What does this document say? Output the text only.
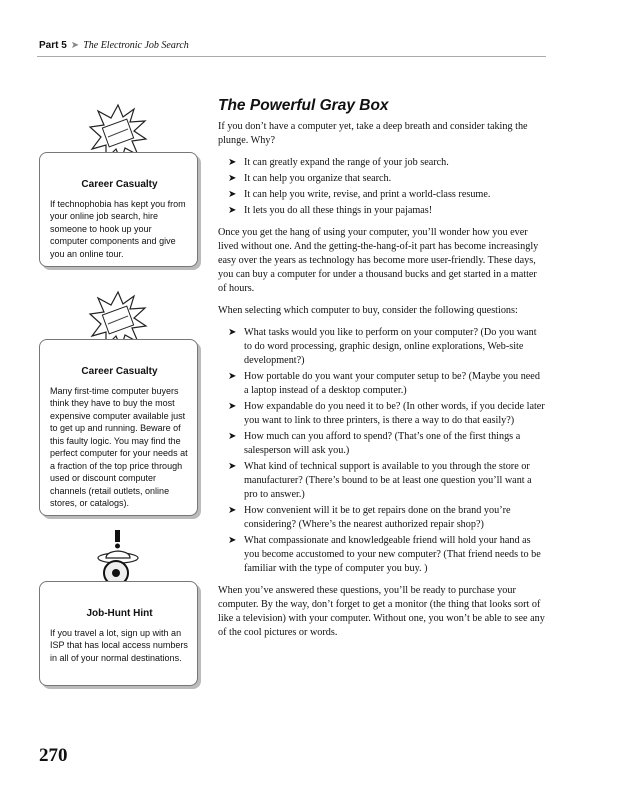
Part 5 ➤ The Electronic Job Search
Career Casualty

If technophobia has kept you from your online job search, hire someone to hook up your computer components and give you an online tour.

Career Casualty

Many first-time computer buyers think they have to buy the most expensive computer available just to get up and running. Beware of this faulty logic. You may find the perfect computer for your needs at a fraction of the top price through used or discount computer channels (retail outlets, online stores, or catalogs).

Job-Hunt Hint

If you travel a lot, sign up with an ISP that has local access numbers in all of your normal destinations.

The Powerful Gray Box

If you don’t have a computer yet, take a deep breath and consider taking the plunge. Why?

➤ It can greatly expand the range of your job search.
➤ It can help you organize that search.
➤ It can help you write, revise, and print a world-class resume.
➤ It lets you do all these things in your pajamas!

Once you get the hang of using your computer, you’ll wonder how you ever lived without one. And the getting-the-hang-of-it part has become increasingly easy over the years as technology has become more user-friendly. These days, you can buy a computer for under a thousand bucks and get started in a matter of hours.

When selecting which computer to buy, consider the following questions:

➤ What tasks would you like to perform on your computer? (Do you want to do word processing, graphic design, online explorations, Web-site development?)
➤ How portable do you want your computer setup to be? (Maybe you need a laptop instead of a desktop computer.)
➤ How expandable do you need it to be? (In other words, if you decide later you want to link to three printers, is there a way to do that easily?)
➤ How much can you afford to spend? (That’s one of the first things a salesperson will ask you.)
➤ What kind of technical support is available to you through the store or manufacturer? (There’s bound to be at least one question you’ll want a pro to answer.)
➤ How convenient will it be to get repairs done on the brand you’re considering? (Where’s the nearest authorized repair shop?)
➤ What compassionate and knowledgeable friend will hold your hand as you become accustomed to your new computer? (That friend needs to be familiar with the type of computer you buy. )

When you’ve answered these questions, you’ll be ready to purchase your computer. By the way, don’t forget to get a monitor (the thing that looks sort of like a television) with your computer. Without one, you won’t be able to see any of the cool pictures or words.

270
